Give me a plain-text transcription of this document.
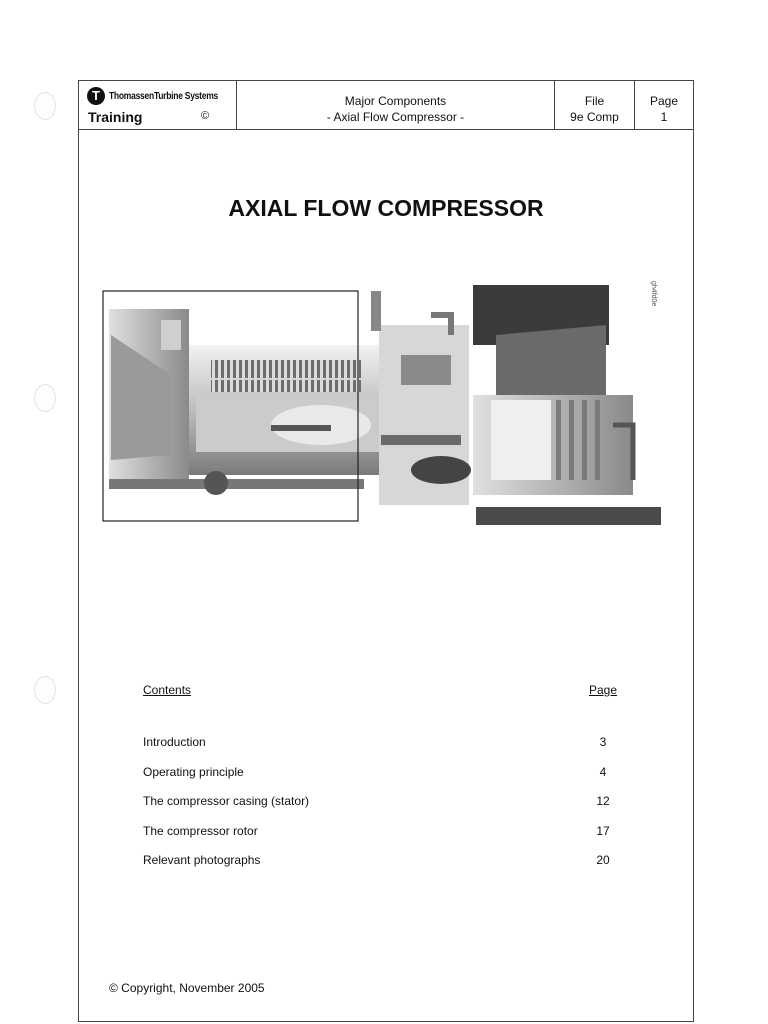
T ThomassenTurbine Systems
Training	©
Major Components
- Axial Flow Compressor -
File
9e Comp
Page
1
AXIAL FLOW COMPRESSOR
gh4fd0e
Contents	Page
Introduction	3
Operating principle	4
The compressor casing (stator)	12
The compressor rotor	17
Relevant photographs	20
© Copyright, November 2005
